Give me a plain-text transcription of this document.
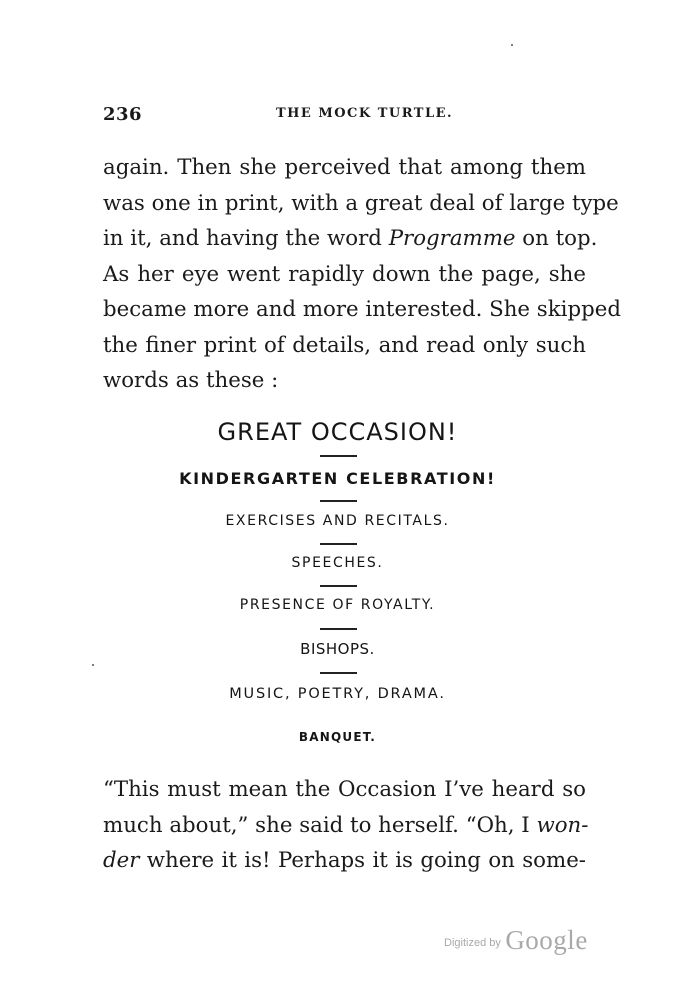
236	THE MOCK TURTLE.
again. Then she perceived that among them
was one in print, with a great deal of large type
in it, and having the word Programme on top.
As her eye went rapidly down the page, she
became more and more interested. She skipped
the finer print of details, and read only such
words as these :
GREAT OCCASION!
KINDERGARTEN CELEBRATION!
EXERCISES AND RECITALS.
SPEECHES.
PRESENCE OF ROYALTY.
BISHOPS.
MUSIC, POETRY, DRAMA.
BANQUET.
“This must mean the Occasion I’ve heard so
much about,” she said to herself. “Oh, I won-
der where it is! Perhaps it is going on some-
Digitized by Google
